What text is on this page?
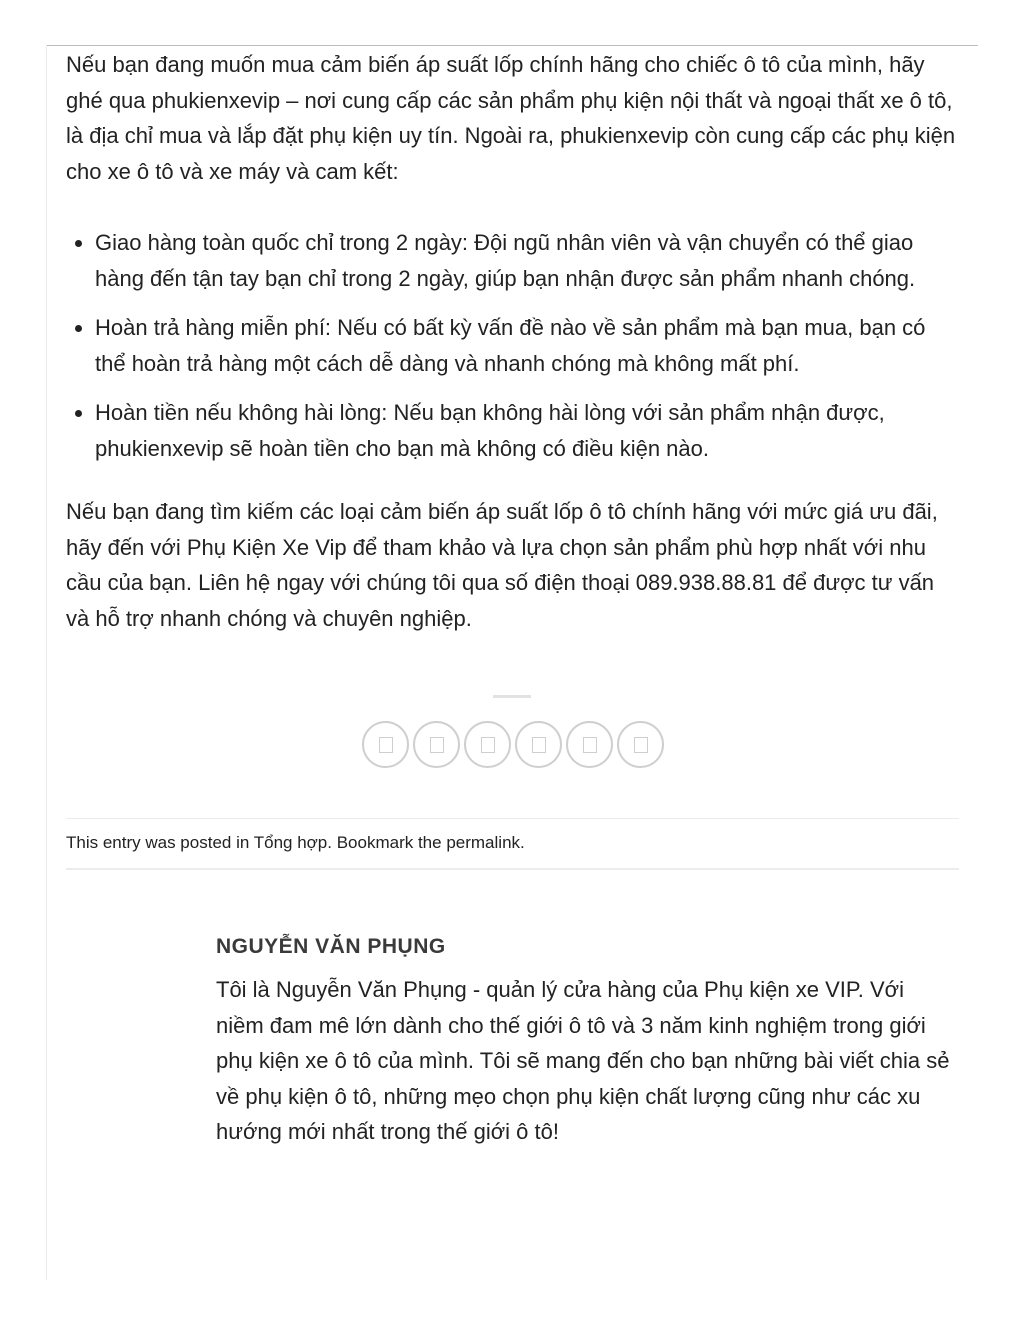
Nếu bạn đang muốn mua cảm biến áp suất lốp chính hãng cho chiếc ô tô của mình, hãy ghé qua phukienxevip – nơi cung cấp các sản phẩm phụ kiện nội thất và ngoại thất xe ô tô, là địa chỉ mua và lắp đặt phụ kiện uy tín. Ngoài ra, phukienxevip còn cung cấp các phụ kiện cho xe ô tô và xe máy và cam kết:

• Giao hàng toàn quốc chỉ trong 2 ngày: Đội ngũ nhân viên và vận chuyển có thể giao hàng đến tận tay bạn chỉ trong 2 ngày, giúp bạn nhận được sản phẩm nhanh chóng.
• Hoàn trả hàng miễn phí: Nếu có bất kỳ vấn đề nào về sản phẩm mà bạn mua, bạn có thể hoàn trả hàng một cách dễ dàng và nhanh chóng mà không mất phí.
• Hoàn tiền nếu không hài lòng: Nếu bạn không hài lòng với sản phẩm nhận được, phukienxevip sẽ hoàn tiền cho bạn mà không có điều kiện nào.

Nếu bạn đang tìm kiếm các loại cảm biến áp suất lốp ô tô chính hãng với mức giá ưu đãi, hãy đến với Phụ Kiện Xe Vip để tham khảo và lựa chọn sản phẩm phù hợp nhất với nhu cầu của bạn. Liên hệ ngay với chúng tôi qua số điện thoại 089.938.88.81 để được tư vấn và hỗ trợ nhanh chóng và chuyên nghiệp.

This entry was posted in Tổng hợp. Bookmark the permalink.
NGUYỄN VĂN PHỤNG

Tôi là Nguyễn Văn Phụng - quản lý cửa hàng của Phụ kiện xe VIP. Với niềm đam mê lớn dành cho thế giới ô tô và 3 năm kinh nghiệm trong giới phụ kiện xe ô tô của mình. Tôi sẽ mang đến cho bạn những bài viết chia sẻ về phụ kiện ô tô, những mẹo chọn phụ kiện chất lượng cũng như các xu hướng mới nhất trong thế giới ô tô!
